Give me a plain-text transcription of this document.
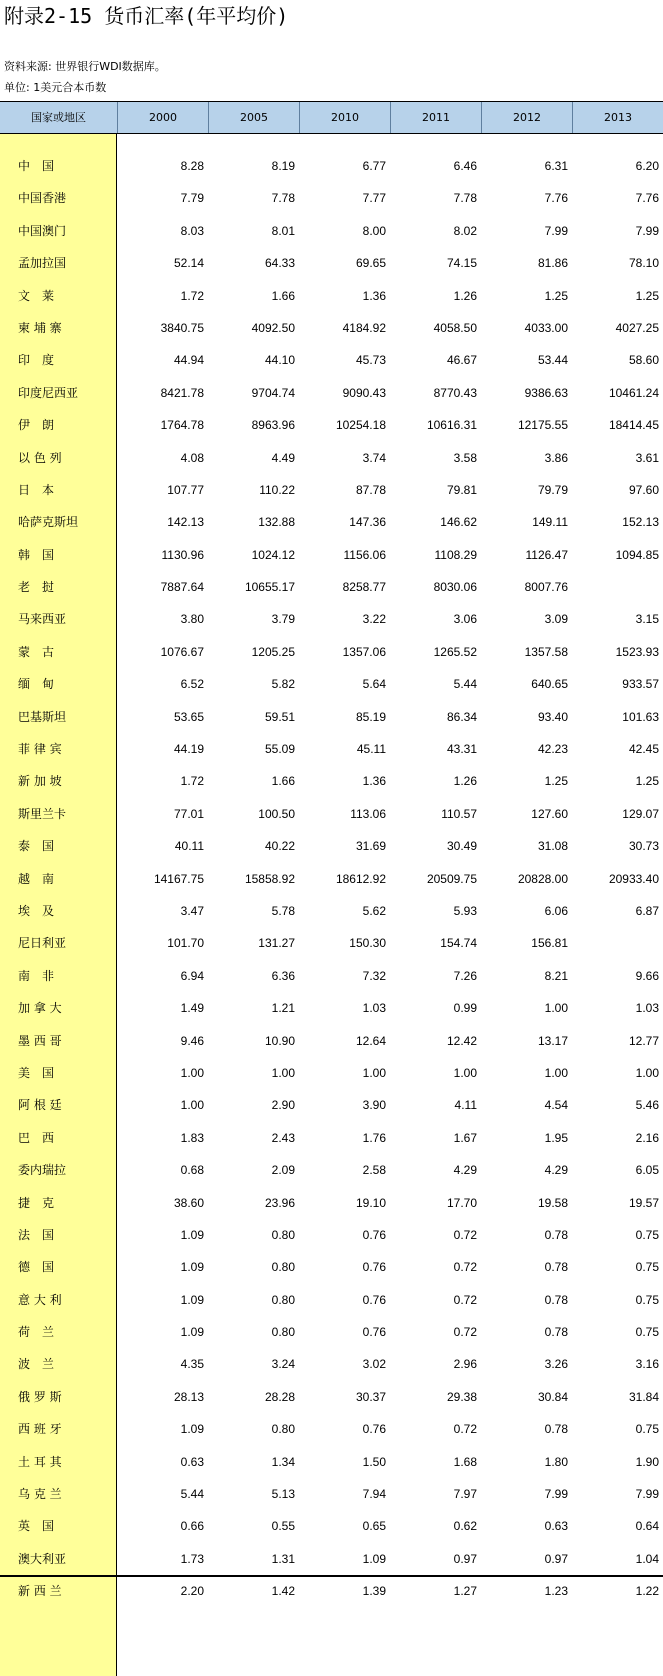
附录2-15 货币汇率(年平均价)
资料来源: 世界银行WDI数据库。
单位: 1美元合本币数
国家或地区	2000	2005	2010	2011	2012	2013
中　国	8.28	8.19	6.77	6.46	6.31	6.20
中国香港	7.79	7.78	7.77	7.78	7.76	7.76
中国澳门	8.03	8.01	8.00	8.02	7.99	7.99
孟加拉国	52.14	64.33	69.65	74.15	81.86	78.10
文　莱	1.72	1.66	1.36	1.26	1.25	1.25
柬 埔 寨	3840.75	4092.50	4184.92	4058.50	4033.00	4027.25
印　度	44.94	44.10	45.73	46.67	53.44	58.60
印度尼西亚	8421.78	9704.74	9090.43	8770.43	9386.63	10461.24
伊　朗	1764.78	8963.96	10254.18	10616.31	12175.55	18414.45
以 色 列	4.08	4.49	3.74	3.58	3.86	3.61
日　本	107.77	110.22	87.78	79.81	79.79	97.60
哈萨克斯坦	142.13	132.88	147.36	146.62	149.11	152.13
韩　国	1130.96	1024.12	1156.06	1108.29	1126.47	1094.85
老　挝	7887.64	10655.17	8258.77	8030.06	8007.76
马来西亚	3.80	3.79	3.22	3.06	3.09	3.15
蒙　古	1076.67	1205.25	1357.06	1265.52	1357.58	1523.93
缅　甸	6.52	5.82	5.64	5.44	640.65	933.57
巴基斯坦	53.65	59.51	85.19	86.34	93.40	101.63
菲 律 宾	44.19	55.09	45.11	43.31	42.23	42.45
新 加 坡	1.72	1.66	1.36	1.26	1.25	1.25
斯里兰卡	77.01	100.50	113.06	110.57	127.60	129.07
泰　国	40.11	40.22	31.69	30.49	31.08	30.73
越　南	14167.75	15858.92	18612.92	20509.75	20828.00	20933.40
埃　及	3.47	5.78	5.62	5.93	6.06	6.87
尼日利亚	101.70	131.27	150.30	154.74	156.81
南　非	6.94	6.36	7.32	7.26	8.21	9.66
加 拿 大	1.49	1.21	1.03	0.99	1.00	1.03
墨 西 哥	9.46	10.90	12.64	12.42	13.17	12.77
美　国	1.00	1.00	1.00	1.00	1.00	1.00
阿 根 廷	1.00	2.90	3.90	4.11	4.54	5.46
巴　西	1.83	2.43	1.76	1.67	1.95	2.16
委内瑞拉	0.68	2.09	2.58	4.29	4.29	6.05
捷　克	38.60	23.96	19.10	17.70	19.58	19.57
法　国	1.09	0.80	0.76	0.72	0.78	0.75
德　国	1.09	0.80	0.76	0.72	0.78	0.75
意 大 利	1.09	0.80	0.76	0.72	0.78	0.75
荷　兰	1.09	0.80	0.76	0.72	0.78	0.75
波　兰	4.35	3.24	3.02	2.96	3.26	3.16
俄 罗 斯	28.13	28.28	30.37	29.38	30.84	31.84
西 班 牙	1.09	0.80	0.76	0.72	0.78	0.75
土 耳 其	0.63	1.34	1.50	1.68	1.80	1.90
乌 克 兰	5.44	5.13	7.94	7.97	7.99	7.99
英　国	0.66	0.55	0.65	0.62	0.63	0.64
澳大利亚	1.73	1.31	1.09	0.97	0.97	1.04
新 西 兰	2.20	1.42	1.39	1.27	1.23	1.22
